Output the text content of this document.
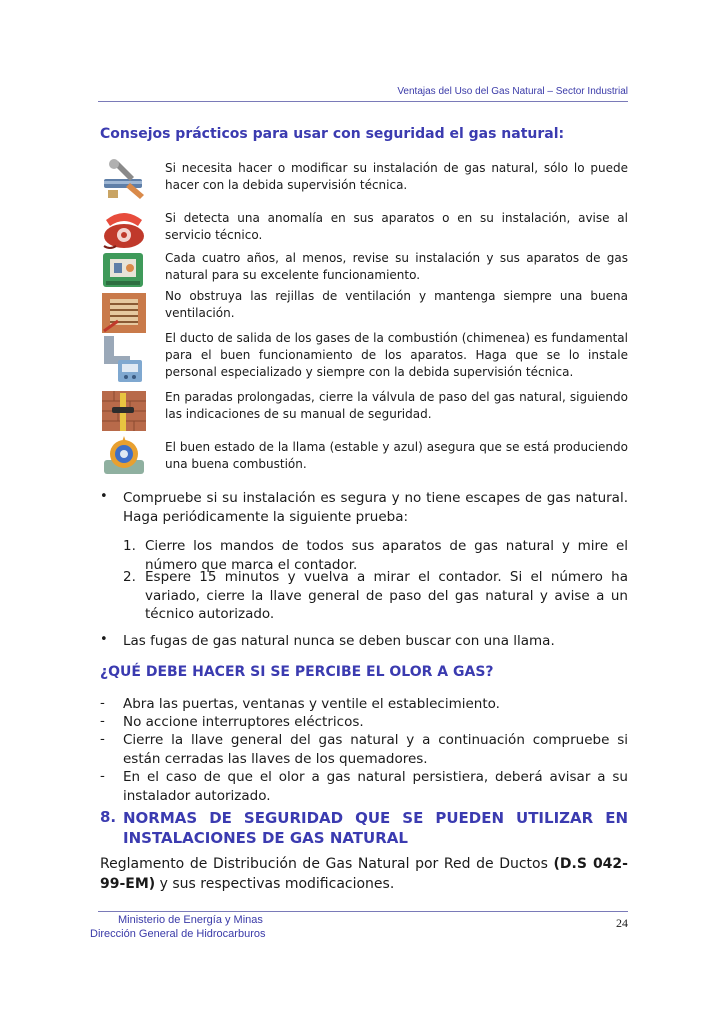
Ventajas del Uso del Gas Natural – Sector Industrial
Consejos prácticos para usar con seguridad el gas natural:
Si necesita hacer o modificar su instalación de gas natural, sólo lo puede hacer con la debida supervisión técnica.
Si detecta una anomalía en sus aparatos o en su instalación, avise al servicio técnico.
Cada cuatro años, al menos, revise su instalación y sus aparatos de gas natural para su excelente funcionamiento.
No obstruya las rejillas de ventilación y mantenga siempre una buena ventilación.
El ducto de salida de los gases de la combustión (chimenea) es fundamental para el buen funcionamiento de los aparatos. Haga que se lo instale personal especializado y siempre con la debida supervisión técnica.
En paradas prolongadas, cierre la válvula de paso del gas natural, siguiendo las indicaciones de su manual de seguridad.
El buen estado de la llama (estable y azul) asegura que se está produciendo una buena combustión.
• Compruebe si su instalación es segura y no tiene escapes de gas natural. Haga periódicamente la siguiente prueba:
1. Cierre los mandos de todos sus aparatos de gas natural y mire el número que marca el contador.
2. Espere 15 minutos y vuelva a mirar el contador. Si el número ha variado, cierre la llave general de paso del gas natural y avise a un técnico autorizado.
• Las fugas de gas natural nunca se deben buscar con una llama.
¿QUÉ DEBE HACER SI SE PERCIBE EL OLOR A GAS?
- Abra las puertas, ventanas y ventile el establecimiento.
- No accione interruptores eléctricos.
- Cierre la llave general del gas natural y a continuación compruebe si están cerradas las llaves de los quemadores.
- En el caso de que el olor a gas natural persistiera, deberá avisar a su instalador autorizado.
8. NORMAS DE SEGURIDAD QUE SE PUEDEN UTILIZAR EN INSTALACIONES DE GAS NATURAL
Reglamento de Distribución de Gas Natural por Red de Ductos (D.S 042-99-EM) y sus respectivas modificaciones.
Ministerio de Energía y Minas
Dirección General de Hidrocarburos
24
